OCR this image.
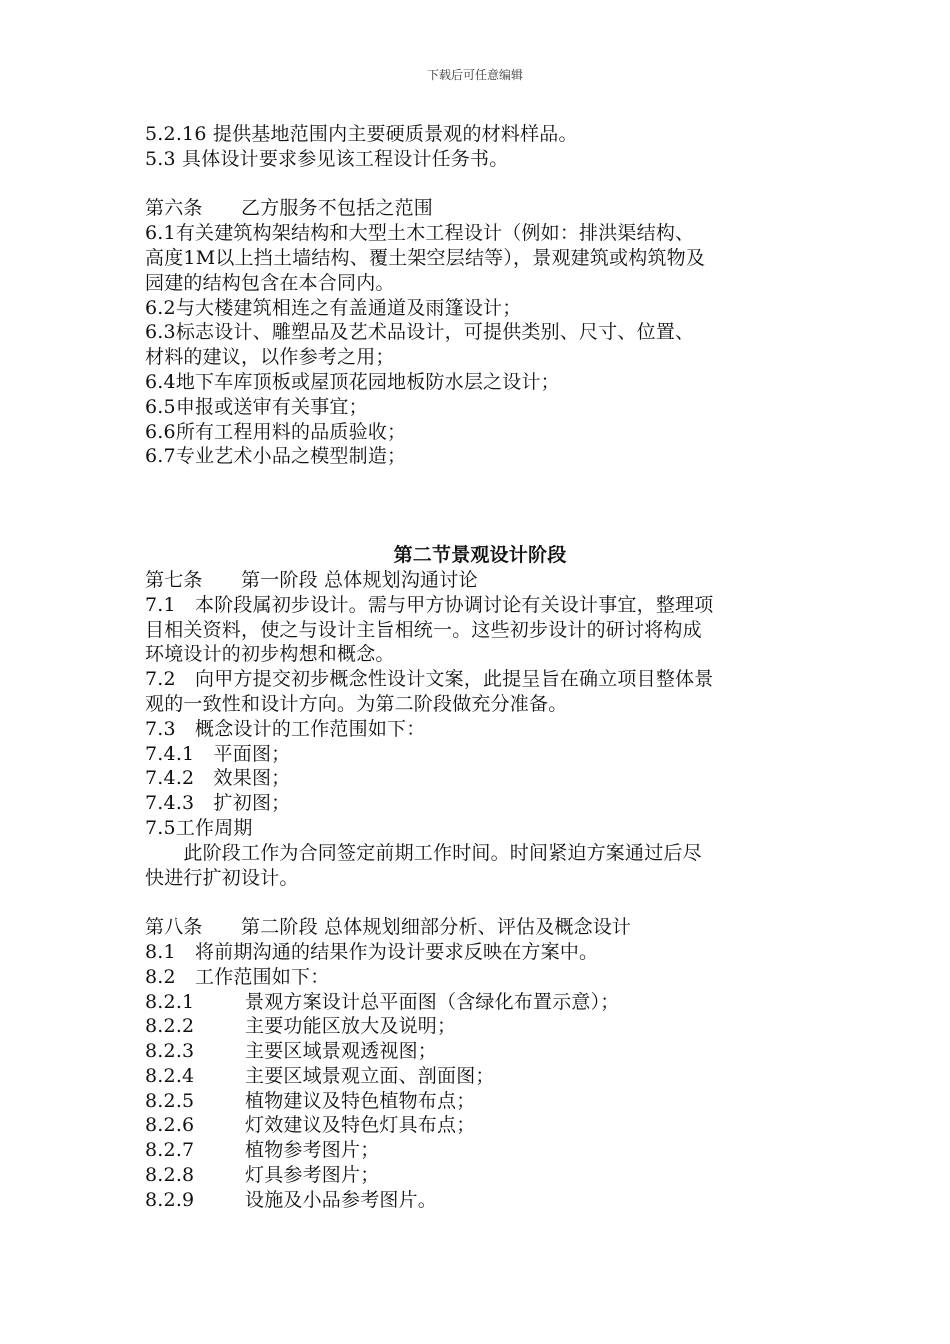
下载后可任意编辑
5.2.16 提供基地范围内主要硬质景观的材料样品。
5.3 具体设计要求参见该工程设计任务书。
第六条　　乙方服务不包括之范围
6.1有关建筑构架结构和大型土木工程设计（例如：排洪渠结构、
高度1M以上挡土墙结构、覆土架空层结等），景观建筑或构筑物及
园建的结构包含在本合同内。
6.2与大楼建筑相连之有盖通道及雨篷设计；
6.3标志设计、雕塑品及艺术品设计，可提供类别、尺寸、位置、
材料的建议，以作参考之用；
6.4地下车库顶板或屋顶花园地板防水层之设计；
6.5申报或送审有关事宜；
6.6所有工程用料的品质验收；
6.7专业艺术小品之模型制造；
第二节景观设计阶段
第七条　　第一阶段 总体规划沟通讨论
7.1　本阶段属初步设计。需与甲方协调讨论有关设计事宜，整理项
目相关资料，使之与设计主旨相统一。这些初步设计的研讨将构成
环境设计的初步构想和概念。
7.2　向甲方提交初步概念性设计文案，此提呈旨在确立项目整体景
观的一致性和设计方向。为第二阶段做充分准备。
7.3　概念设计的工作范围如下：
7.4.1　平面图；
7.4.2　效果图；
7.4.3　扩初图；
7.5工作周期
　　此阶段工作为合同签定前期工作时间。时间紧迫方案通过后尽
快进行扩初设计。
第八条　　第二阶段 总体规划细部分析、评估及概念设计
8.1　将前期沟通的结果作为设计要求反映在方案中。
8.2　工作范围如下：
8.2.1	景观方案设计总平面图（含绿化布置示意）；
8.2.2	主要功能区放大及说明；
8.2.3	主要区域景观透视图；
8.2.4	主要区域景观立面、剖面图；
8.2.5	植物建议及特色植物布点；
8.2.6	灯效建议及特色灯具布点；
8.2.7	植物参考图片；
8.2.8	灯具参考图片；
8.2.9	设施及小品参考图片。
